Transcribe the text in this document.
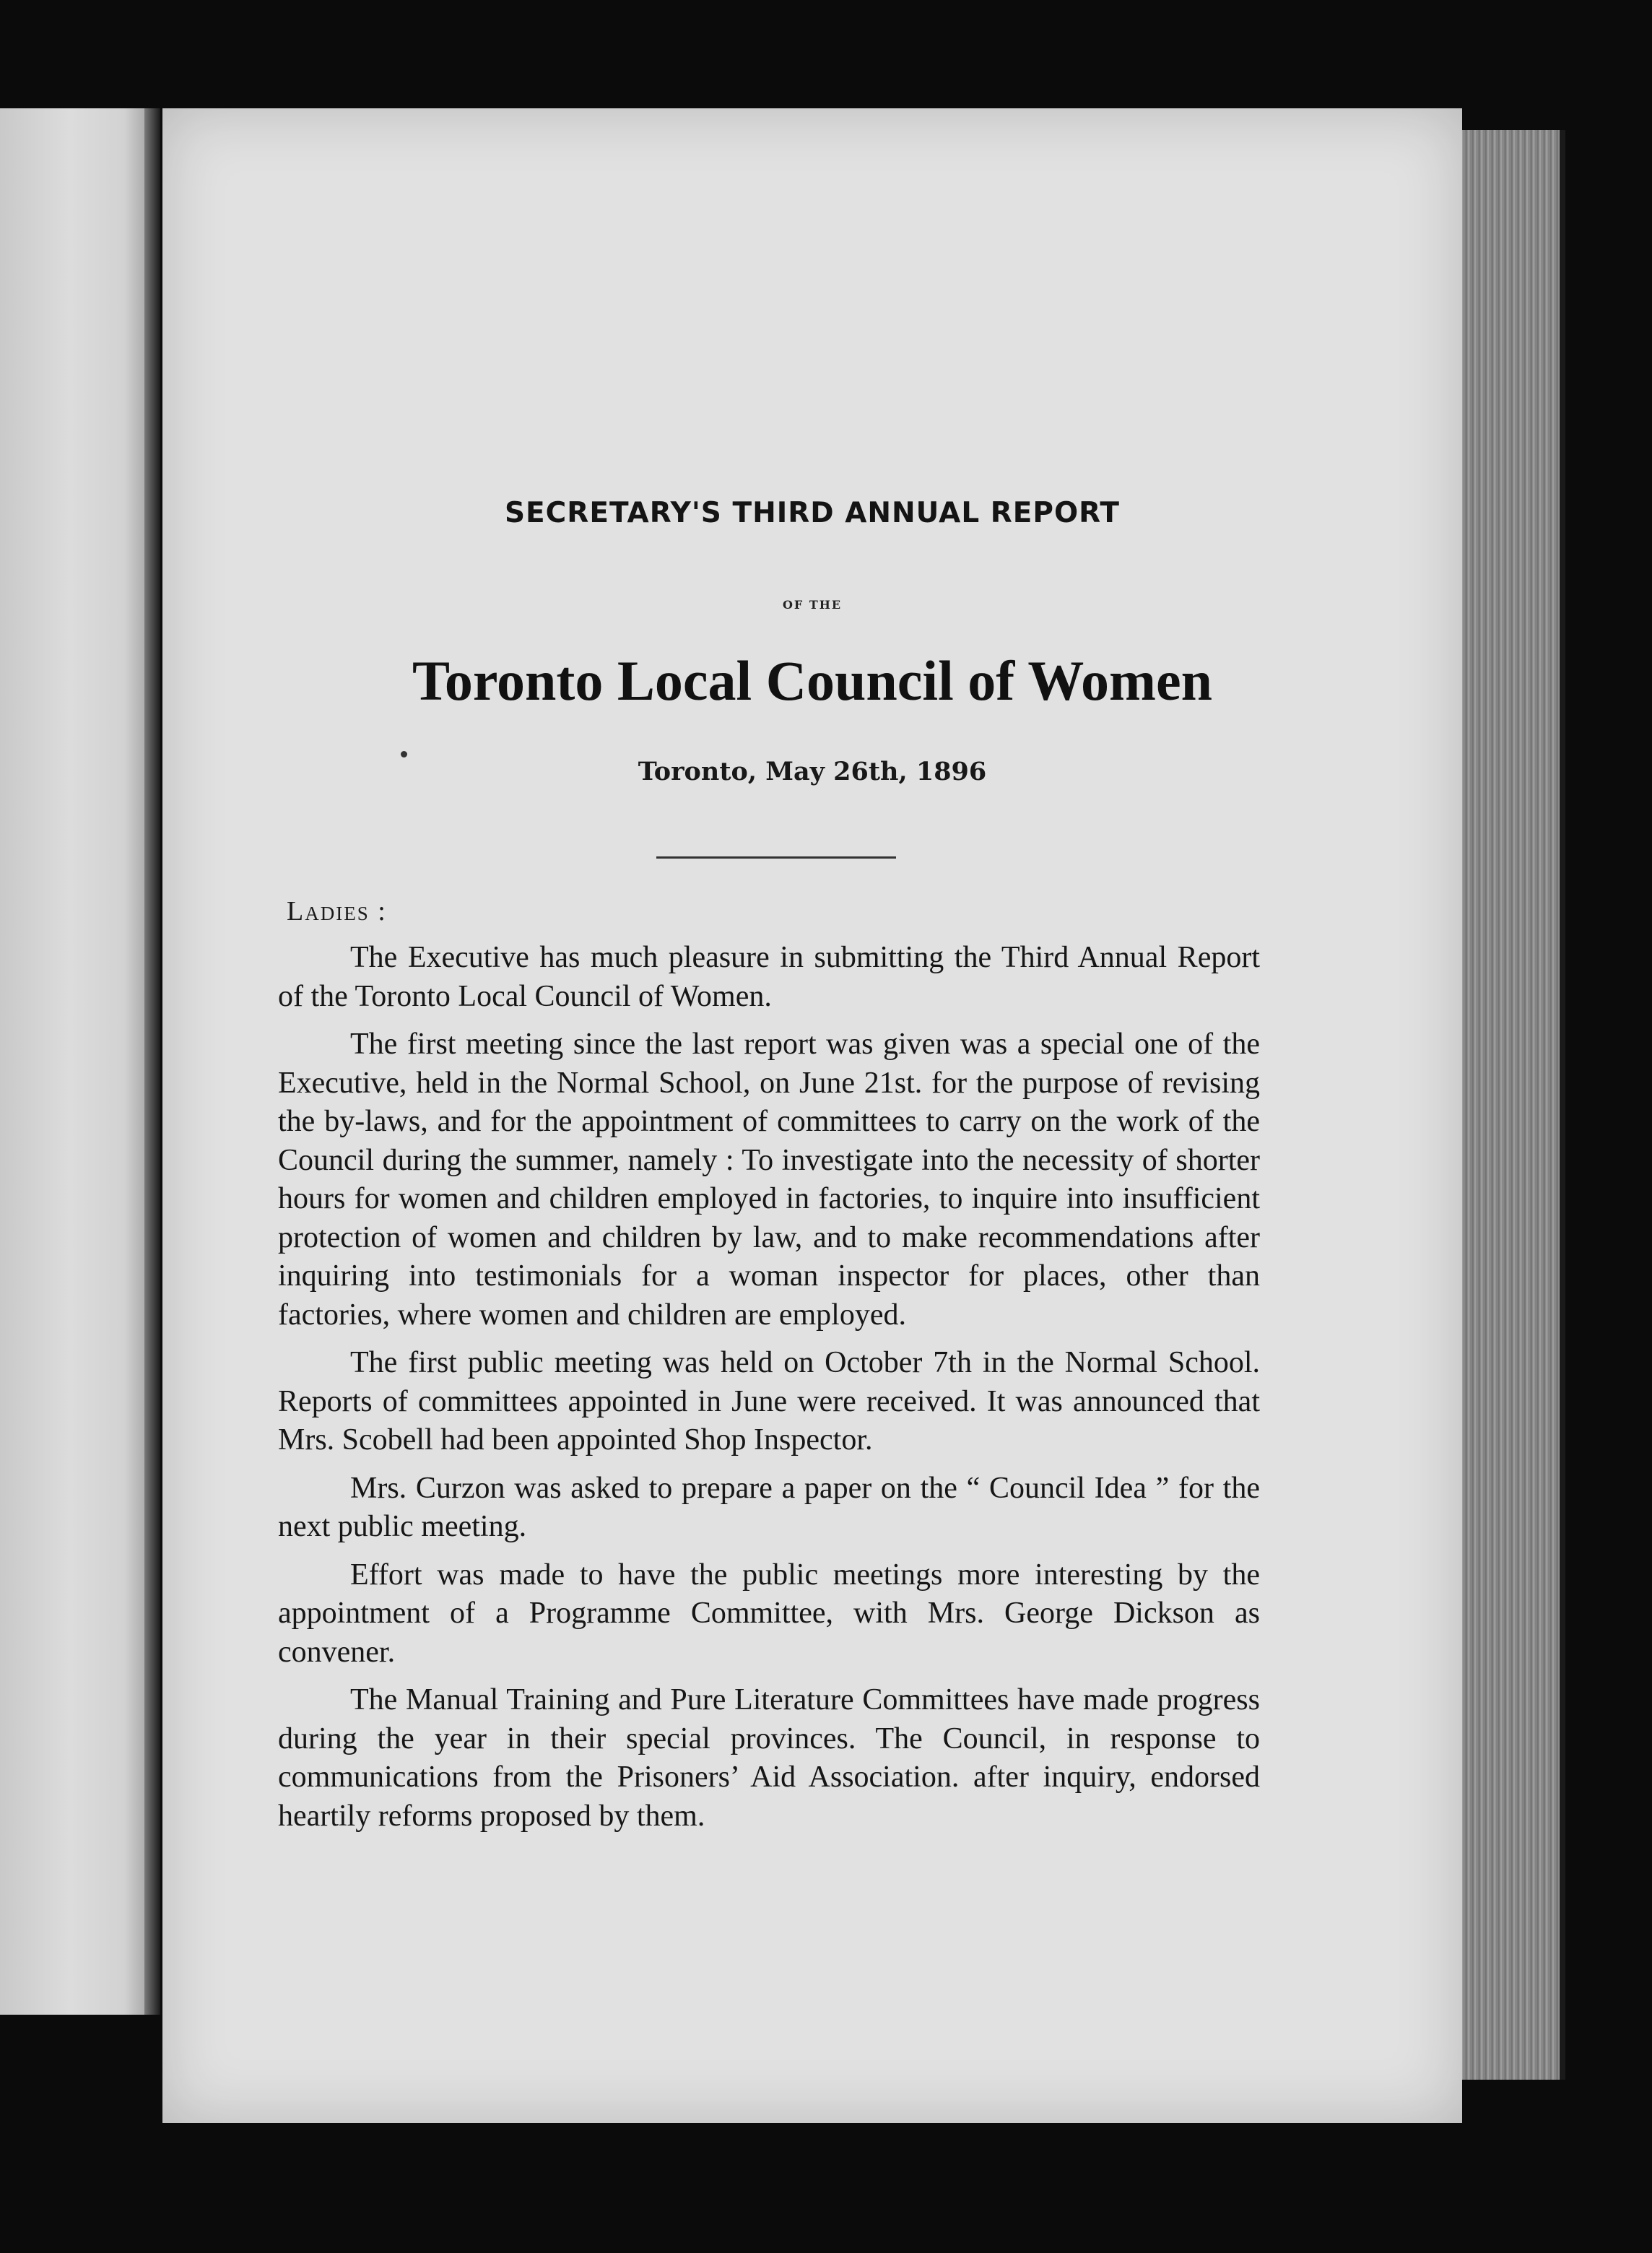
SECRETARY'S THIRD ANNUAL REPORT
OF THE
Toronto Local Council of Women
Toronto, May 26th, 1896
Ladies :

The Executive has much pleasure in submitting the Third Annual Report of the Toronto Local Council of Women.

The first meeting since the last report was given was a special one of the Executive, held in the Normal School, on June 21st. for the purpose of revising the by-laws, and for the appointment of committees to carry on the work of the Council during the summer, namely : To investigate into the necessity of shorter hours for women and children employed in factories, to inquire into insufficient protection of women and children by law, and to make recommendations after inquiring into testimonials for a woman inspector for places, other than factories, where women and children are employed.

The first public meeting was held on October 7th in the Normal School. Reports of committees appointed in June were received. It was announced that Mrs. Scobell had been appointed Shop Inspector.

Mrs. Curzon was asked to prepare a paper on the “ Council Idea ” for the next public meeting.

Effort was made to have the public meetings more interesting by the appointment of a Programme Committee, with Mrs. George Dickson as convener.

The Manual Training and Pure Literature Committees have made progress during the year in their special provinces. The Council, in response to communications from the Prisoners’ Aid Association. after inquiry, endorsed heartily reforms proposed by them.
